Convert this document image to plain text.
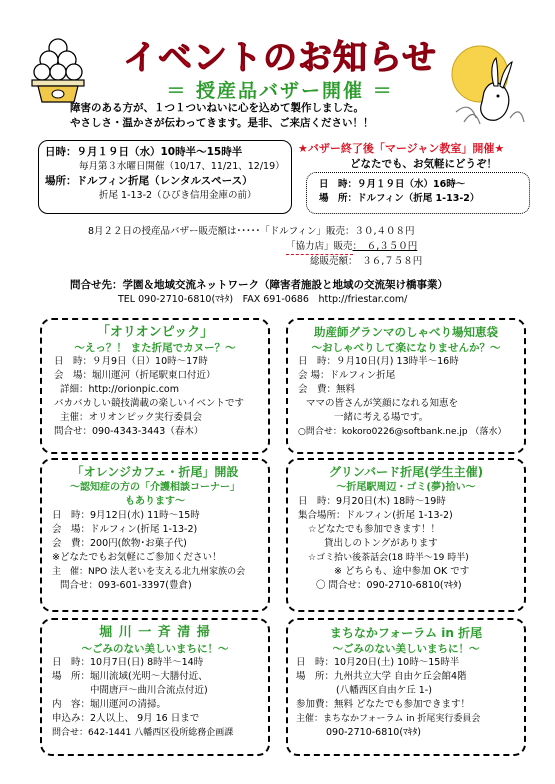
イベントのお知らせ
＝ 授産品バザー開催 ＝
障害のある方が、１つ１ついねいに心を込めて製作しました。
やさしさ・温かさが伝わってきます。是非、ご来店ください！！
日時：９月１９日（水）10時半〜15時半
毎月第３水曜日開催（10/17、11/21、12/19）
場所：ドルフィン折尾（レンタルスペース）
折尾 1-13-2（ひびき信用金庫の前）
★バザー終了後「マージャン教室」開催★
どなたでも、お気軽にどうぞ！
日　時：９月１９日（水）16時〜
場　所：ドルフィン（折尾 1-13-2）
8月２２日の授産品バザー販売額は･････「ドルフィン」販売：３０,４０８円
「協力店」販売：　６,３５０円
総販売額：　３６,７５８円
問合せ先：学園＆地域交流ネットワーク（障害者施設と地域の交流架け橋事業）
TEL 090-2710-6810(ﾏｷﾀ)　FAX 691-0686　http://friestar.com/
「オリオンピック」
〜えっ？！ また折尾でカヌー？〜
日　時：９月9日（日）10時〜17時
会　場：堀川運河（折尾駅東口付近）
詳細：http://orionpic.com
バカバカしい競技満載の楽しいイベントです
主催：オリオンピック実行委員会
問合せ：090-4343-3443（春木）
助産師グランマのしゃべり場知恵袋
〜おしゃべりして楽になりませんか？〜
日　時：９月10日(月) 13時半〜16時
会 場：ドルフィン折尾
会　費：無料
ママの皆さんが笑顔になれる知恵を
一緒に考える場です。
○問合せ：kokoro0226@softbank.ne.jp （落水）
「オレンジカフェ・折尾」開設
〜認知症の方の「介護相談コーナー」
もあります〜
日　時：9月12日(水) 11時〜15時
会　場：ドルフィン(折尾 1-13-2)
会　費：200円(飲物･お菓子代)
※どなたでもお気軽にご参加ください！
主　催：NPO 法人老いを支える北九州家族の会
問合せ：093-601-3397(豊倉)
グリンバード折尾(学生主催)
〜折尾駅周辺・ゴミ(夢)拾い〜
日　時：9月20日(木) 18時〜19時
集合場所：ドルフィン(折尾 1-13-2)
☆どなたでも参加できます！！
貸出しのトングがあります
☆ゴミ拾い後茶話会(18 時半〜19 時半)
※ どちらも、途中参加 OK です
〇 問合せ：090-2710-6810(ﾏｷﾀ)
堀 川 一 斉 清 掃
〜ごみのない美しいまちに！〜
日　時：10月7日(日) 8時半〜14時
場　所：堀川流域(光明〜大膳付近、
中間唐戸〜曲川合流点付近)
内　容：堀川運河の清掃。
申込み：2人以上、 9月 16 日まで
問合せ：642-1441 八幡西区役所総務企画課
まちなかフォーラム in 折尾
〜ごみのない美しいまちに！〜
日　時：10月20日(土) 10時〜15時半
場　所：九州共立大学 自由ケ丘会館4階
(八幡西区自由ケ丘 1-)
参加費：無料 どなたでも参加できます！
主催：まちなかフォーラム in 折尾実行委員会
090-2710-6810(ﾏｷﾀ)
